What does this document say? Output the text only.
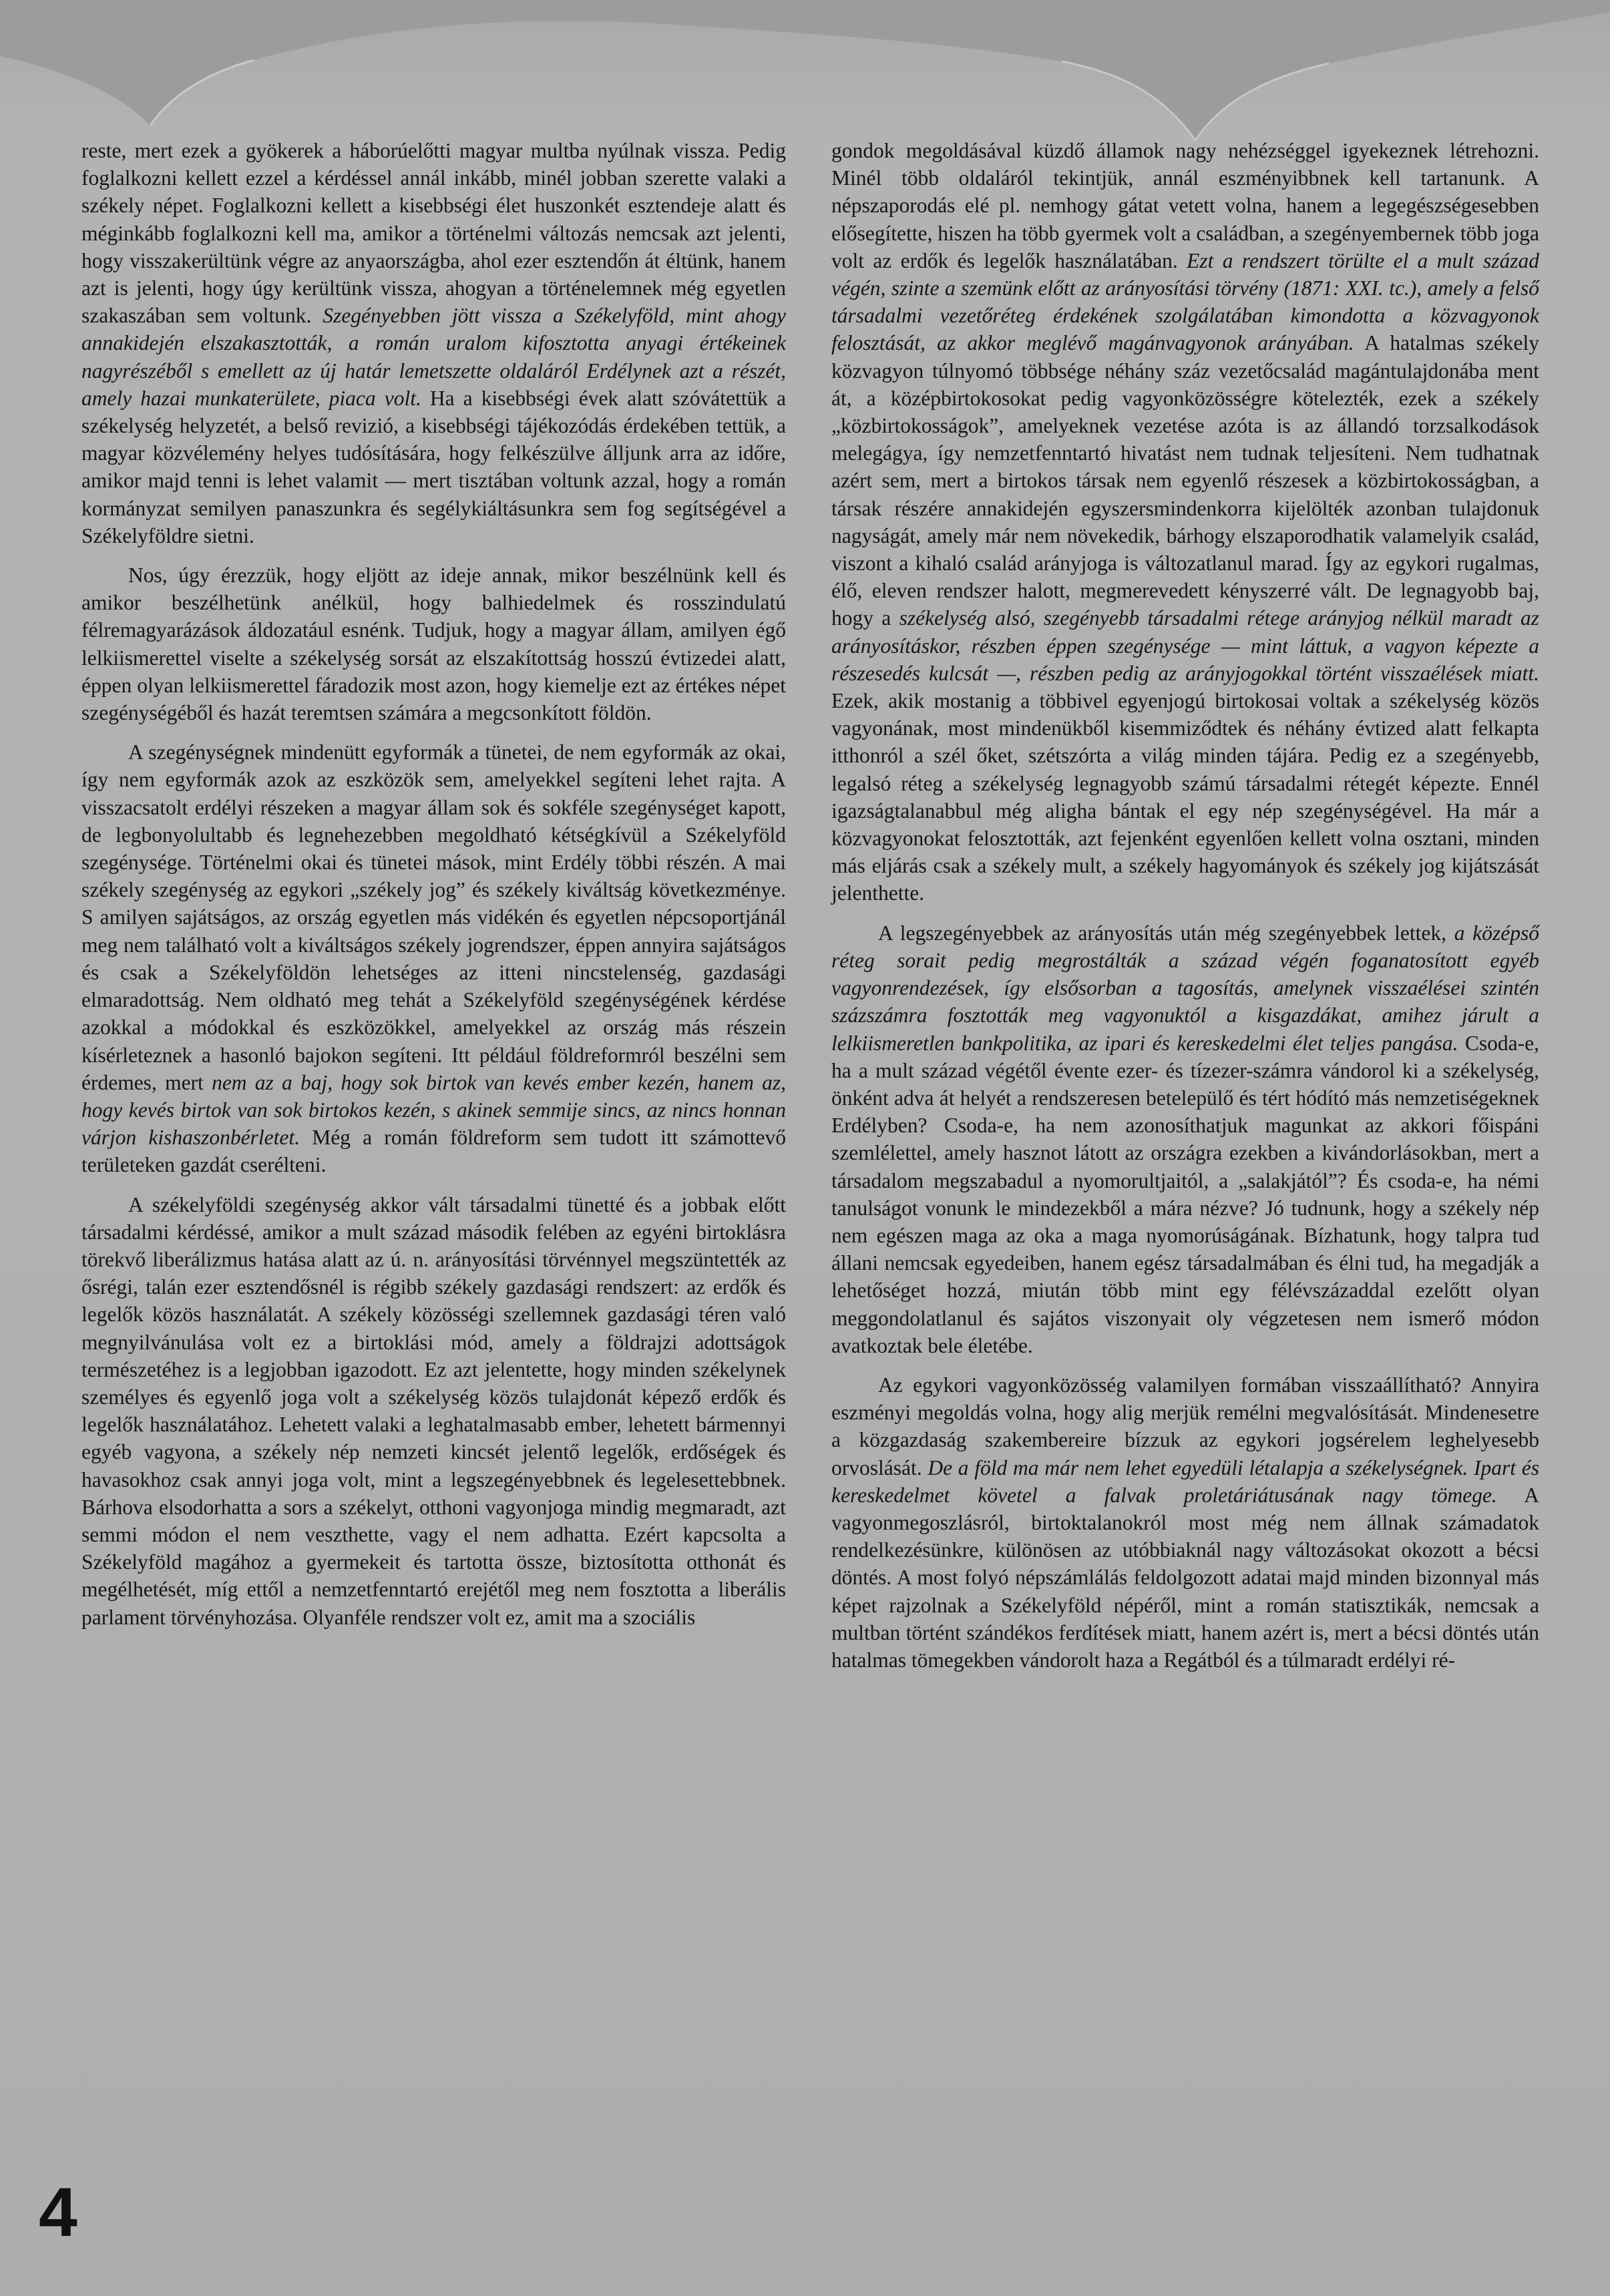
reste, mert ezek a gyökerek a háborúelőtti magyar multba nyúlnak vissza. Pedig foglalkozni kellett ezzel a kérdéssel annál inkább, minél jobban szerette valaki a székely népet. Foglalkozni kellett a kisebbségi élet huszonkét esztendeje alatt és méginkább foglalkozni kell ma, amikor a történelmi változás nemcsak azt jelenti, hogy visszakerültünk végre az anyaországba, ahol ezer esztendőn át éltünk, hanem azt is jelenti, hogy úgy kerültünk vissza, ahogyan a történelemnek még egyetlen szakaszában sem voltunk. Szegényebben jött vissza a Székelyföld, mint ahogy annakidején elszakasztották, a román uralom kifosztotta anyagi értékeinek nagyrészéből s emellett az új határ lemetszette oldaláról Erdélynek azt a részét, amely hazai munkaterülete, piaca volt. Ha a kisebbségi évek alatt szóvátettük a székelység helyzetét, a belső revizió, a kisebbségi tájékozódás érdekében tettük, a magyar közvélemény helyes tudósítására, hogy felkészülve álljunk arra az időre, amikor majd tenni is lehet valamit — mert tisztában voltunk azzal, hogy a román kormányzat semilyen panaszunkra és segélykiáltásunkra sem fog segítségével a Székelyföldre sietni.

Nos, úgy érezzük, hogy eljött az ideje annak, mikor beszélnünk kell és amikor beszélhetünk anélkül, hogy balhiedelmek és rosszindulatú félremagyarázások áldozatául esnénk. Tudjuk, hogy a magyar állam, amilyen égő lelkiismerettel viselte a székelység sorsát az elszakítottság hosszú évtizedei alatt, éppen olyan lelkiismerettel fáradozik most azon, hogy kiemelje ezt az értékes népet szegénységéből és hazát teremtsen számára a megcsonkított földön.

A szegénységnek mindenütt egyformák a tünetei, de nem egyformák az okai, így nem egyformák azok az eszközök sem, amelyekkel segíteni lehet rajta. A visszacsatolt erdélyi részeken a magyar állam sok és sokféle szegénységet kapott, de legbonyolultabb és legnehezebben megoldható kétségkívül a Székelyföld szegénysége. Történelmi okai és tünetei mások, mint Erdély többi részén. A mai székely szegénység az egykori „székely jog” és székely kiváltság következménye. S amilyen sajátságos, az ország egyetlen más vidékén és egyetlen népcsoportjánál meg nem található volt a kiváltságos székely jogrendszer, éppen annyira sajátságos és csak a Székelyföldön lehetséges az itteni nincstelenség, gazdasági elmaradottság. Nem oldható meg tehát a Székelyföld szegénységének kérdése azokkal a módokkal és eszközökkel, amelyekkel az ország más részein kísérleteznek a hasonló bajokon segíteni. Itt például földreformról beszélni sem érdemes, mert nem az a baj, hogy sok birtok van kevés ember kezén, hanem az, hogy kevés birtok van sok birtokos kezén, s akinek semmije sincs, az nincs honnan várjon kishaszonbérletet. Még a román földreform sem tudott itt számottevő területeken gazdát cserélteni.

A székelyföldi szegénység akkor vált társadalmi tünetté és a jobbak előtt társadalmi kérdéssé, amikor a mult század második felében az egyéni birtoklásra törekvő liberálizmus hatása alatt az ú. n. arányosítási törvénnyel megszüntették az ősrégi, talán ezer esztendősnél is régibb székely gazdasági rendszert: az erdők és legelők közös használatát. A székely közösségi szellemnek gazdasági téren való megnyilvánulása volt ez a birtoklási mód, amely a földrajzi adottságok természetéhez is a legjobban igazodott. Ez azt jelentette, hogy minden székelynek személyes és egyenlő joga volt a székelység közös tulajdonát képező erdők és legelők használatához. Lehetett valaki a leghatalmasabb ember, lehetett bármennyi egyéb vagyona, a székely nép nemzeti kincsét jelentő legelők, erdőségek és havasokhoz csak annyi joga volt, mint a legszegényebbnek és legelesettebbnek. Bárhova elsodorhatta a sors a székelyt, otthoni vagyonjoga mindig megmaradt, azt semmi módon el nem veszthette, vagy el nem adhatta. Ezért kapcsolta a Székelyföld magához a gyermekeit és tartotta össze, biztosította otthonát és megélhetését, míg ettől a nemzetfenntartó erejétől meg nem fosztotta a liberális parlament törvényhozása. Olyanféle rendszer volt ez, amit ma a szociális

gondok megoldásával küzdő államok nagy nehézséggel igyekeznek létrehozni. Minél több oldaláról tekintjük, annál eszményibbnek kell tartanunk. A népszaporodás elé pl. nemhogy gátat vetett volna, hanem a legegészségesebben elősegítette, hiszen ha több gyermek volt a családban, a szegényembernek több joga volt az erdők és legelők használatában. Ezt a rendszert törülte el a mult század végén, szinte a szemünk előtt az arányosítási törvény (1871: XXI. tc.), amely a felső társadalmi vezetőréteg érdekének szolgálatában kimondotta a közvagyonok felosztását, az akkor meglévő magánvagyonok arányában. A hatalmas székely közvagyon túlnyomó többsége néhány száz vezetőcsalád magántulajdonába ment át, a középbirtokosokat pedig vagyonközösségre kötelezték, ezek a székely „közbirtokosságok”, amelyeknek vezetése azóta is az állandó torzsalkodások melegágya, így nemzetfenntartó hivatást nem tudnak teljesíteni. Nem tudhatnak azért sem, mert a birtokos társak nem egyenlő részesek a közbirtokosságban, a társak részére annakidején egyszersmindenkorra kijelölték azonban tulajdonuk nagyságát, amely már nem növekedik, bárhogy elszaporodhatik valamelyik család, viszont a kihaló család arányjoga is változatlanul marad. Így az egykori rugalmas, élő, eleven rendszer halott, megmerevedett kényszerré vált. De legnagyobb baj, hogy a székelység alsó, szegényebb társadalmi rétege arányjog nélkül maradt az arányosításkor, részben éppen szegénysége — mint láttuk, a vagyon képezte a részesedés kulcsát —, részben pedig az arányjogokkal történt visszaélések miatt. Ezek, akik mostanig a többivel egyenjogú birtokosai voltak a székelység közös vagyonának, most mindenükből kisemmiződtek és néhány évtized alatt felkapta itthonról a szél őket, szétszórta a világ minden tájára. Pedig ez a szegényebb, legalsó réteg a székelység legnagyobb számú társadalmi rétegét képezte. Ennél igazságtalanabbul még aligha bántak el egy nép szegénységével. Ha már a közvagyonokat felosztották, azt fejenként egyenlően kellett volna osztani, minden más eljárás csak a székely mult, a székely hagyományok és székely jog kijátszását jelenthette.

A legszegényebbek az arányosítás után még szegényebbek lettek, a középső réteg sorait pedig megrostálták a század végén foganatosított egyéb vagyonrendezések, így elsősorban a tagosítás, amelynek visszaélései szintén százszámra fosztották meg vagyonuktól a kisgazdákat, amihez járult a lelkiismeretlen bankpolitika, az ipari és kereskedelmi élet teljes pangása. Csoda-e, ha a mult század végétől évente ezer- és tízezer-számra vándorol ki a székelység, önként adva át helyét a rendszeresen betelepülő és tért hódító más nemzetiségeknek Erdélyben? Csoda-e, ha nem azonosíthatjuk magunkat az akkori főispáni szemlélettel, amely hasznot látott az országra ezekben a kivándorlásokban, mert a társadalom megszabadul a nyomorultjaitól, a „salakjától”? És csoda-e, ha némi tanulságot vonunk le mindezekből a mára nézve? Jó tudnunk, hogy a székely nép nem egészen maga az oka a maga nyomorúságának. Bízhatunk, hogy talpra tud állani nemcsak egyedeiben, hanem egész társadalmában és élni tud, ha megadják a lehetőséget hozzá, miután több mint egy félévszázaddal ezelőtt olyan meggondolatlanul és sajátos viszonyait oly végzetesen nem ismerő módon avatkoztak bele életébe.

Az egykori vagyonközösség valamilyen formában visszaállítható? Annyira eszményi megoldás volna, hogy alig merjük remélni megvalósítását. Mindenesetre a közgazdaság szakembereire bízzuk az egykori jogsérelem leghelyesebb orvoslását. De a föld ma már nem lehet egyedüli létalapja a székelységnek. Ipart és kereskedelmet követel a falvak proletáriátusának nagy tömege. A vagyonmegoszlásról, birtoktalanokról most még nem állnak számadatok rendelkezésünkre, különösen az utóbbiaknál nagy változásokat okozott a bécsi döntés. A most folyó népszámlálás feldolgozott adatai majd minden bizonnyal más képet rajzolnak a Székelyföld népéről, mint a román statisztikák, nemcsak a multban történt szándékos ferdítések miatt, hanem azért is, mert a bécsi döntés után hatalmas tömegekben vándorolt haza a Regátból és a túlmaradt erdélyi ré-

4
